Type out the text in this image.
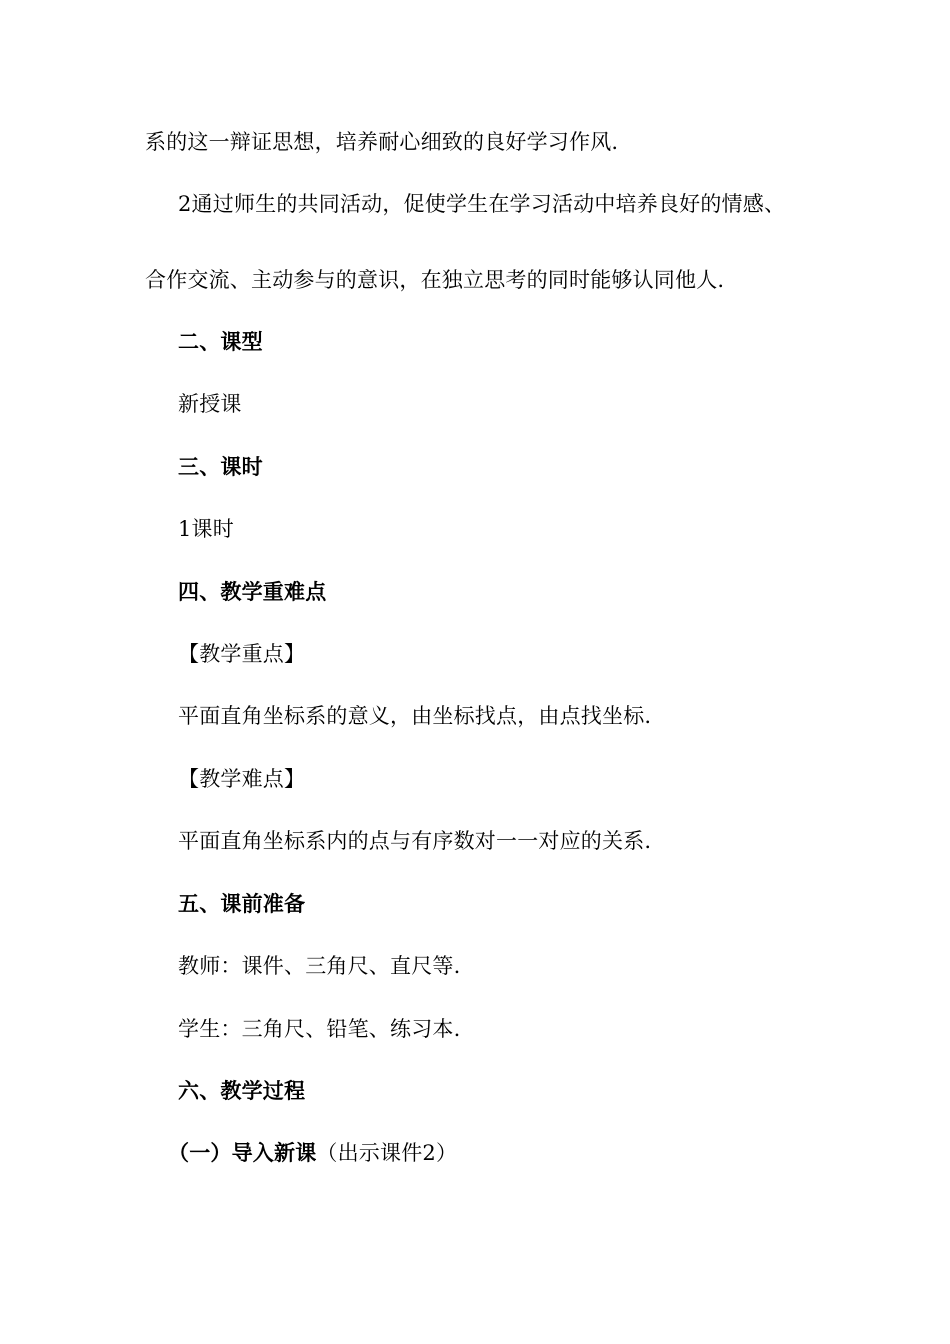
系的这一辩证思想，培养耐心细致的良好学习作风.
2通过师生的共同活动，促使学生在学习活动中培养良好的情感、
合作交流、主动参与的意识，在独立思考的同时能够认同他人.
二、课型
新授课
三、课时
1课时
四、教学重难点
【教学重点】
平面直角坐标系的意义，由坐标找点，由点找坐标.
【教学难点】
平面直角坐标系内的点与有序数对一一对应的关系.
五、课前准备
教师：课件、三角尺、直尺等.
学生：三角尺、铅笔、练习本.
六、教学过程
（一）导入新课（出示课件2）
